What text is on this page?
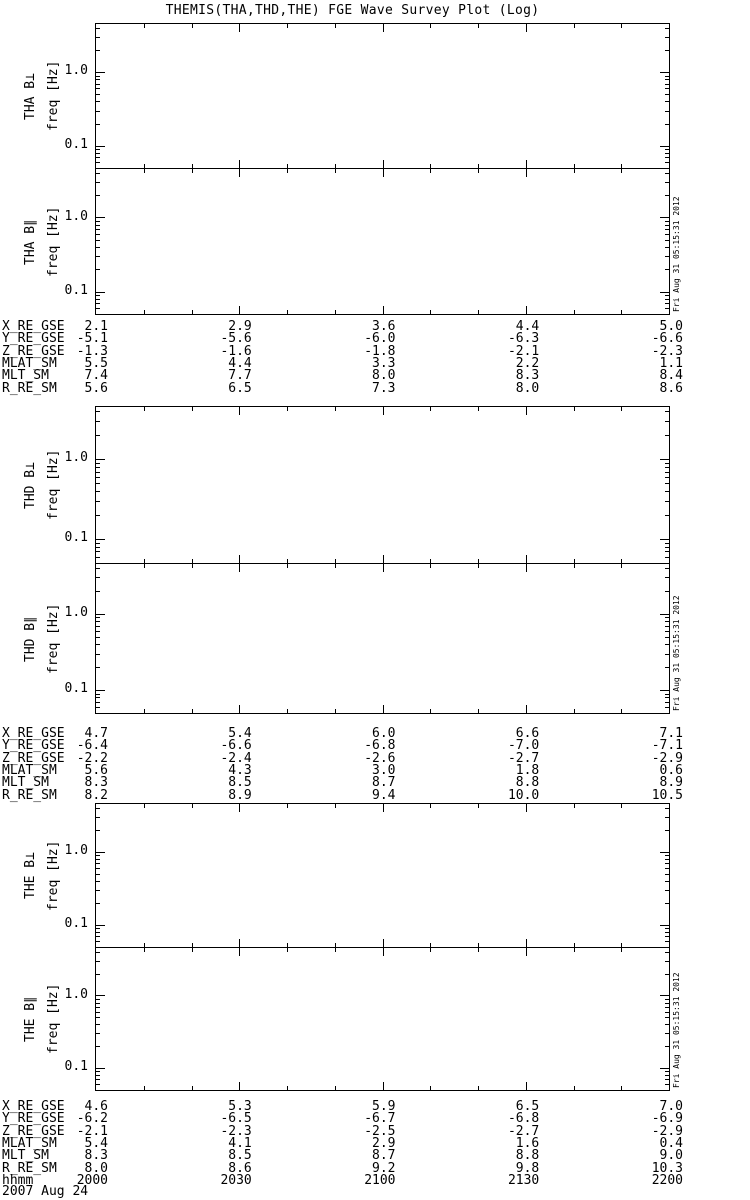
THEMIS(THA,THD,THE) FGE Wave Survey Plot (Log)
1.0
0.1
THA B⊥ freq [Hz]
1.0
0.1
THA B∥ freq [Hz]	Fri Aug 31 05:15:31 2012
X_RE_GSE	2.1	2.9	3.6	4.4	5.0
Y_RE_GSE -5.1	-5.6	-6.0	-6.3	-6.6
Z_RE_GSE -1.3	-1.6	-1.8	-2.1	-2.3
MLAT_SM	5.5	4.4	3.3	2.2	1.1
MLT_SM	7.4	7.7	8.0	8.3	8.4
R_RE_SM	5.6	6.5	7.3	8.0	8.6
1.0
0.1
THD B⊥ freq [Hz]
1.0
0.1
THD B∥ freq [Hz]	Fri Aug 31 05:15:31 2012
X_RE_GSE	4.7	5.4	6.0	6.6	7.1
Y_RE_GSE -6.4	-6.6	-6.8	-7.0	-7.1
Z_RE_GSE -2.2	-2.4	-2.6	-2.7	-2.9
MLAT_SM	5.6	4.3	3.0	1.8	0.6
MLT_SM	8.3	8.5	8.7	8.8	8.9
R_RE_SM	8.2	8.9	9.4	10.0	10.5
1.0
0.1
THE B⊥ freq [Hz]
1.0
0.1
THE B∥ freq [Hz]	Fri Aug 31 05:15:31 2012
X_RE_GSE	4.6	5.3	5.9	6.5	7.0
Y_RE_GSE -6.2	-6.5	-6.7	-6.8	-6.9
Z_RE_GSE -2.1	-2.3	-2.5	-2.7	-2.9
MLAT_SM	5.4	4.1	2.9	1.6	0.4
MLT_SM	8.3	8.5	8.7	8.8	9.0
R_RE_SM	8.0	8.6	9.2	9.8	10.3
hhmm	2000	2030	2100	2130	2200
2007 Aug 24
